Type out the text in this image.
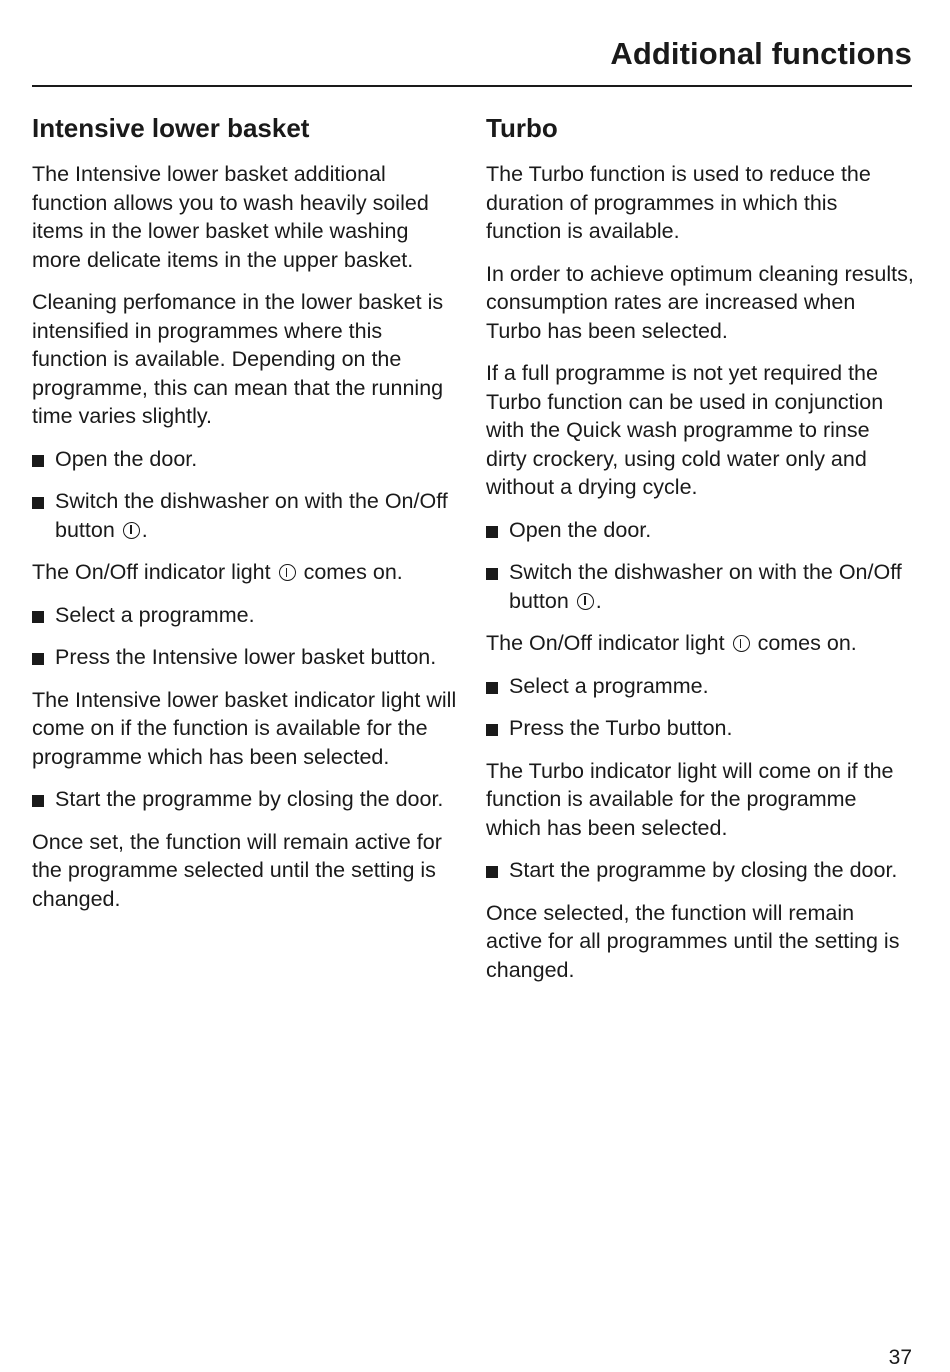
Additional functions
Intensive lower basket

The Intensive lower basket additional function allows you to wash heavily soiled items in the lower basket while washing more delicate items in the upper basket.

Cleaning perfomance in the lower basket is intensified in programmes where this function is available. Depending on the programme, this can mean that the running time varies slightly.

Open the door.

Switch the dishwasher on with the On/Off button .

The On/Off indicator light  comes on.

Select a programme.

Press the Intensive lower basket button.

The Intensive lower basket indicator light will come on if the function is available for the programme which has been selected.

Start the programme by closing the door.

Once set, the function will remain active for the programme selected until the setting is changed.

Turbo

The Turbo function is used to reduce the duration of programmes in which this function is available.

In order to achieve optimum cleaning results, consumption rates are increased when Turbo has been selected.

If a full programme is not yet required the Turbo function can be used in conjunction with the Quick wash programme to rinse dirty crockery, using cold water only and without a drying cycle.

Open the door.

Switch the dishwasher on with the On/Off button .

The On/Off indicator light  comes on.

Select a programme.

Press the Turbo button.

The Turbo indicator light will come on if the function is available for the programme which has been selected.

Start the programme by closing the door.

Once selected, the function will remain active for all programmes until the setting is changed.

37
